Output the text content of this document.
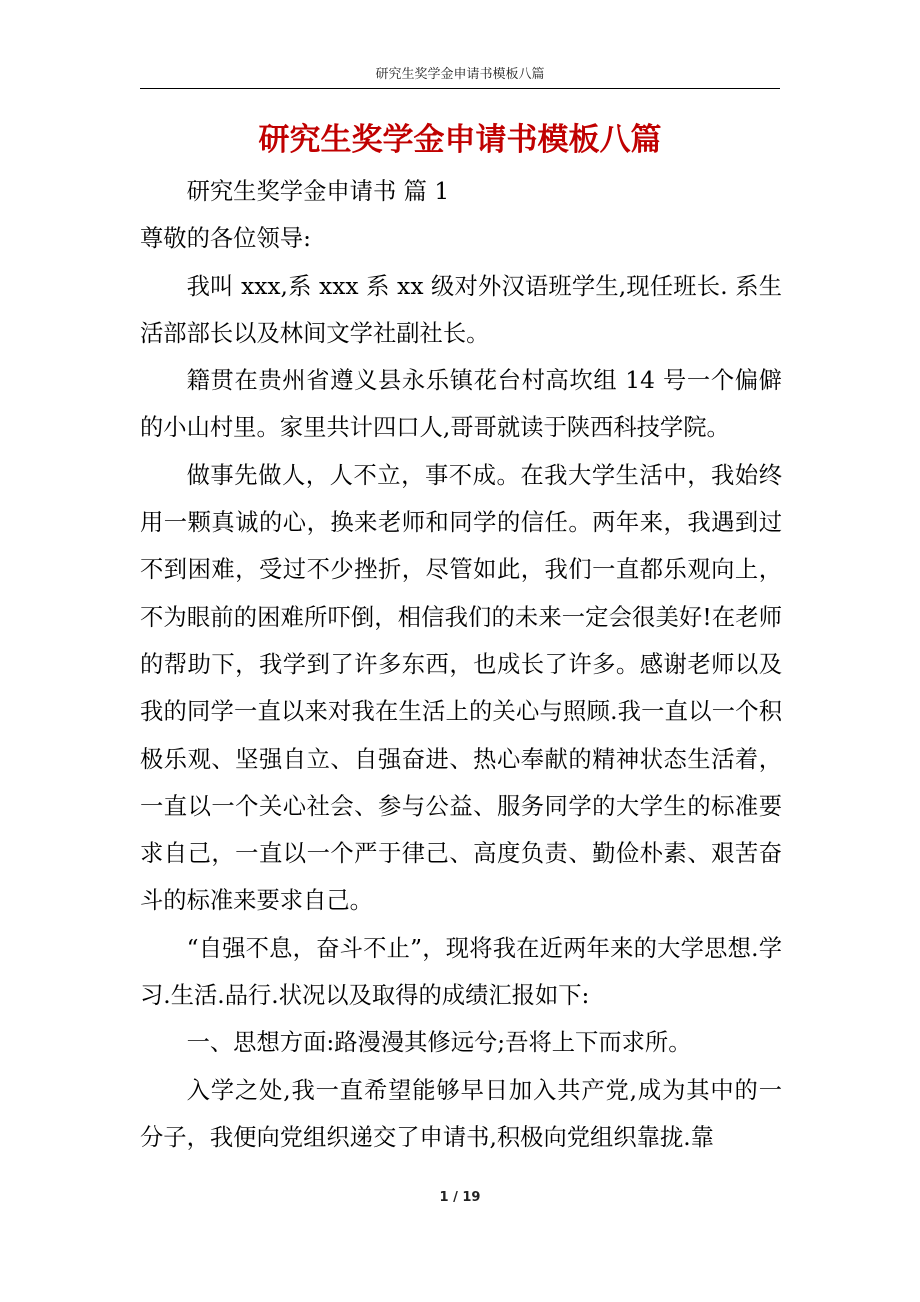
研究生奖学金申请书模板八篇
研究生奖学金申请书模板八篇

研究生奖学金申请书 篇 1

尊敬的各位领导:

我叫 xxx,系 xxx 系 xx 级对外汉语班学生,现任班长. 系生活部部长以及林间文学社副社长。

籍贯在贵州省遵义县永乐镇花台村高坎组 14 号一个偏僻的小山村里。家里共计四口人,哥哥就读于陕西科技学院。

做事先做人，人不立，事不成。在我大学生活中，我始终用一颗真诚的心，换来老师和同学的信任。两年来，我遇到过不到困难，受过不少挫折，尽管如此，我们一直都乐观向上，不为眼前的困难所吓倒，相信我们的未来一定会很美好!在老师的帮助下，我学到了许多东西，也成长了许多。感谢老师以及我的同学一直以来对我在生活上的关心与照顾.我一直以一个积极乐观、坚强自立、自强奋进、热心奉献的精神状态生活着，一直以一个关心社会、参与公益、服务同学的大学生的标准要求自己，一直以一个严于律己、高度负责、勤俭朴素、艰苦奋斗的标准来要求自己。

“自强不息，奋斗不止”，现将我在近两年来的大学思想.学习.生活.品行.状况以及取得的成绩汇报如下:

一、思想方面:路漫漫其修远兮;吾将上下而求所。

入学之处,我一直希望能够早日加入共产党,成为其中的一分子，我便向党组织递交了申请书,积极向党组织靠拢.靠

1 / 19
